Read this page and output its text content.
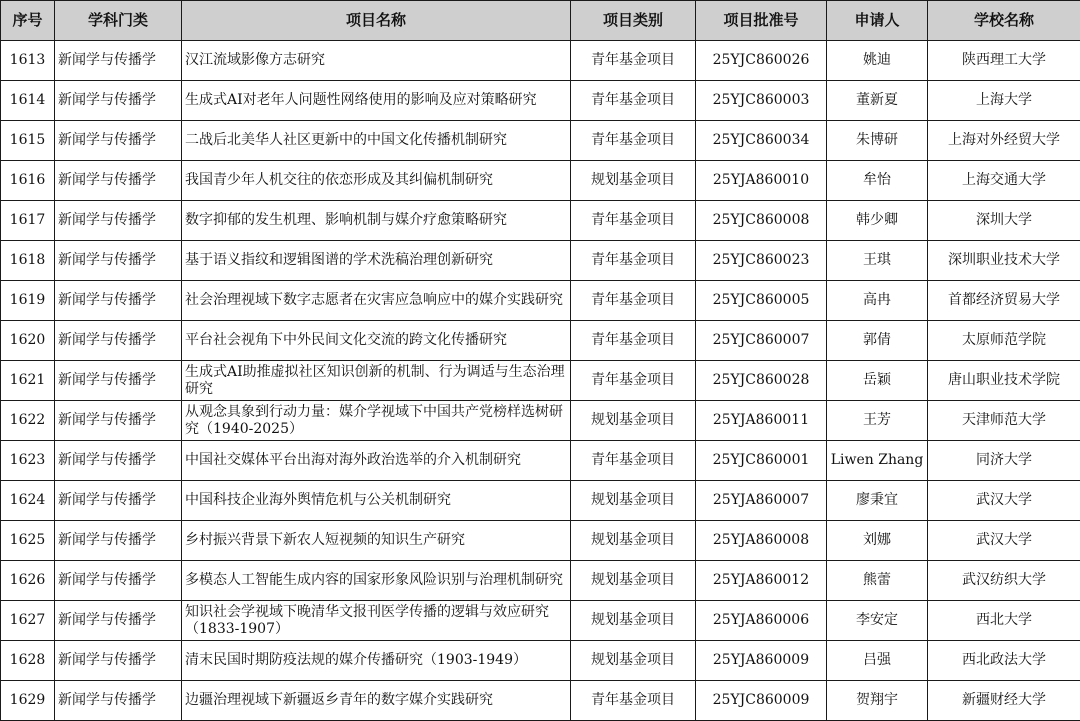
序号	学科门类	项目名称	项目类别	项目批准号	申请人	学校名称
1613	新闻学与传播学	汉江流域影像方志研究	青年基金项目	25YJC860026	姚迪	陕西理工大学
1614	新闻学与传播学	生成式AI对老年人问题性网络使用的影响及应对策略研究	青年基金项目	25YJC860003	董新夏	上海大学
1615	新闻学与传播学	二战后北美华人社区更新中的中国文化传播机制研究	青年基金项目	25YJC860034	朱博研	上海对外经贸大学
1616	新闻学与传播学	我国青少年人机交往的依恋形成及其纠偏机制研究	规划基金项目	25YJA860010	牟怡	上海交通大学
1617	新闻学与传播学	数字抑郁的发生机理、影响机制与媒介疗愈策略研究	青年基金项目	25YJC860008	韩少卿	深圳大学
1618	新闻学与传播学	基于语义指纹和逻辑图谱的学术洗稿治理创新研究	青年基金项目	25YJC860023	王琪	深圳职业技术大学
1619	新闻学与传播学	社会治理视域下数字志愿者在灾害应急响应中的媒介实践研究	青年基金项目	25YJC860005	高冉	首都经济贸易大学
1620	新闻学与传播学	平台社会视角下中外民间文化交流的跨文化传播研究	青年基金项目	25YJC860007	郭倩	太原师范学院
1621	新闻学与传播学	生成式AI助推虚拟社区知识创新的机制、行为调适与生态治理研究	青年基金项目	25YJC860028	岳颖	唐山职业技术学院
1622	新闻学与传播学	从观念具象到行动力量：媒介学视域下中国共产党榜样选树研究（1940-2025）	规划基金项目	25YJA860011	王芳	天津师范大学
1623	新闻学与传播学	中国社交媒体平台出海对海外政治选举的介入机制研究	青年基金项目	25YJC860001	Liwen Zhang	同济大学
1624	新闻学与传播学	中国科技企业海外舆情危机与公关机制研究	规划基金项目	25YJA860007	廖秉宜	武汉大学
1625	新闻学与传播学	乡村振兴背景下新农人短视频的知识生产研究	规划基金项目	25YJA860008	刘娜	武汉大学
1626	新闻学与传播学	多模态人工智能生成内容的国家形象风险识别与治理机制研究	规划基金项目	25YJA860012	熊蕾	武汉纺织大学
1627	新闻学与传播学	知识社会学视域下晚清华文报刊医学传播的逻辑与效应研究（1833-1907）	规划基金项目	25YJA860006	李安定	西北大学
1628	新闻学与传播学	清末民国时期防疫法规的媒介传播研究（1903-1949）	规划基金项目	25YJA860009	吕强	西北政法大学
1629	新闻学与传播学	边疆治理视域下新疆返乡青年的数字媒介实践研究	青年基金项目	25YJC860009	贺翔宇	新疆财经大学
